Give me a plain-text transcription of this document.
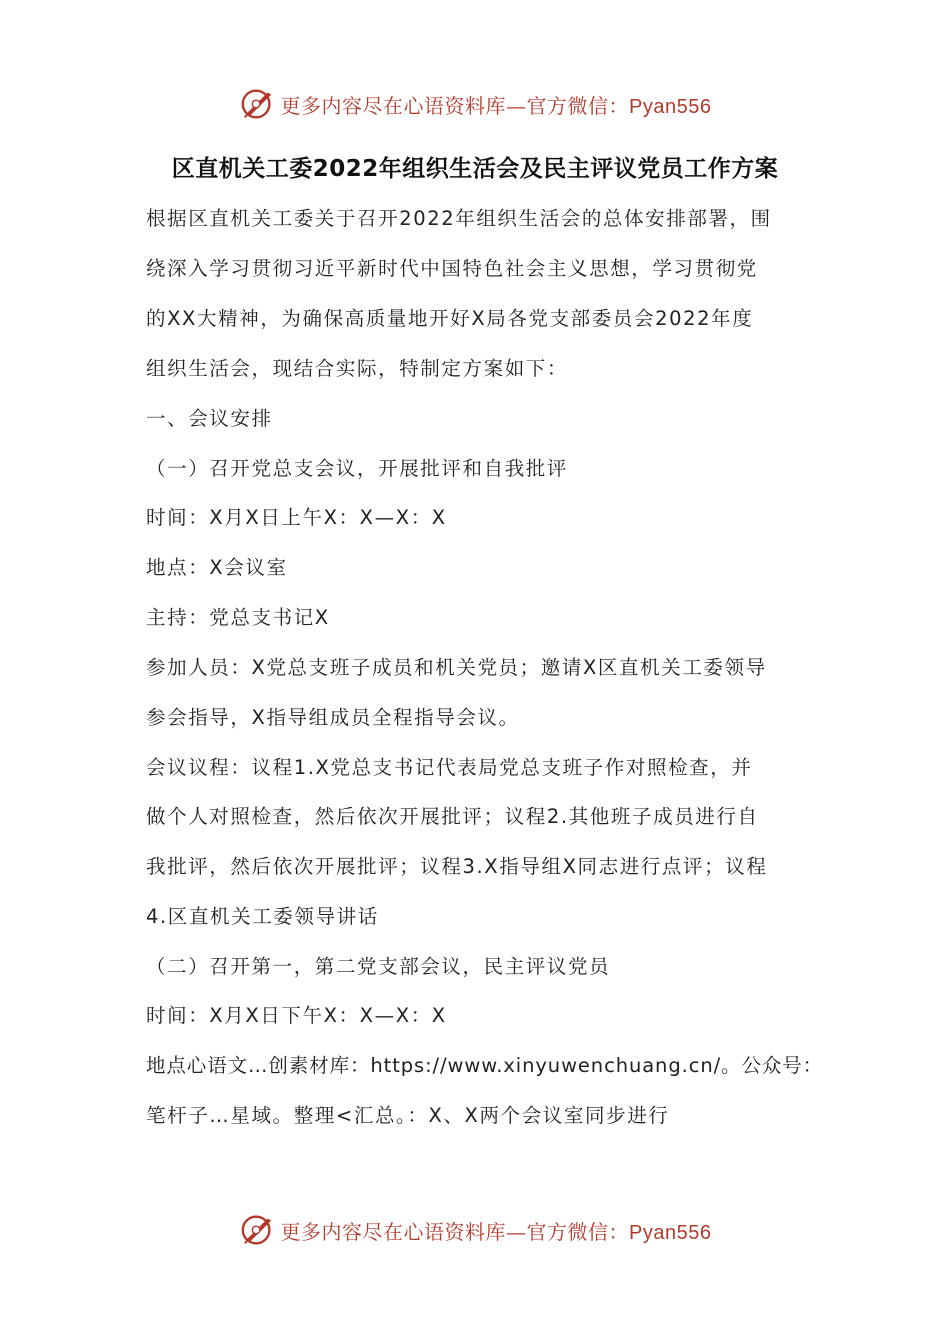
更多内容尽在心语资料库—官方微信：Pyan556
区直机关工委2022年组织生活会及民主评议党员工作方案
根据区直机关工委关于召开2022年组织生活会的总体安排部署，围
绕深入学习贯彻习近平新时代中国特色社会主义思想，学习贯彻党
的XX大精神，为确保高质量地开好X局各党支部委员会2022年度
组织生活会，现结合实际，特制定方案如下：
一、会议安排
（一）召开党总支会议，开展批评和自我批评
时间：X月X日上午X：X—X：X
地点：X会议室
主持：党总支书记X
参加人员：X党总支班子成员和机关党员；邀请X区直机关工委领导
参会指导，X指导组成员全程指导会议。
会议议程：议程1.X党总支书记代表局党总支班子作对照检查，并
做个人对照检查，然后依次开展批评；议程2.其他班子成员进行自
我批评，然后依次开展批评；议程3.X指导组X同志进行点评；议程
4.区直机关工委领导讲话
（二）召开第一，第二党支部会议，民主评议党员
时间：X月X日下午X：X—X：X
地点心语文…创素材库：https://www.xinyuwenchuang.cn/。公众号：
笔杆子…星域。整理<汇总。：X、X两个会议室同步进行
更多内容尽在心语资料库—官方微信：Pyan556
